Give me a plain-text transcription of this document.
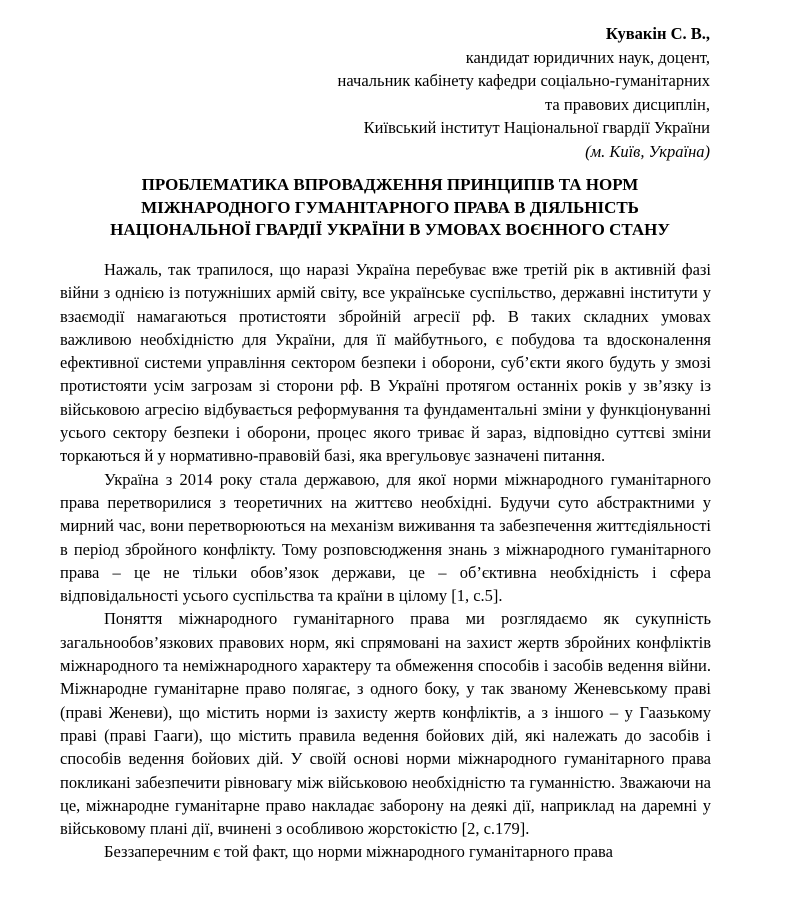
Кувакін С. В.,
кандидат юридичних наук, доцент,
начальник кабінету кафедри соціально-гуманітарних
та правових дисциплін,
Київський інститут Національної гвардії України
(м. Київ, Україна)
ПРОБЛЕМАТИКА ВПРОВАДЖЕННЯ ПРИНЦИПІВ ТА НОРМ
МІЖНАРОДНОГО ГУМАНІТАРНОГО ПРАВА В ДІЯЛЬНІСТЬ
НАЦІОНАЛЬНОЇ ГВАРДІЇ УКРАЇНИ В УМОВАХ ВОЄННОГО СТАНУ

Нажаль, так трапилося, що наразі Україна перебуває вже третій рік в активній фазі війни з однією із потужніших армій світу, все українське суспільство, державні інститути у взаємодії намагаються протистояти збройній агресії рф. В таких складних умовах важливою необхідністю для України, для її майбутнього, є побудова та вдосконалення ефективної системи управління сектором безпеки і оборони, суб’єкти якого будуть у змозі протистояти усім загрозам зі сторони рф. В Україні протягом останніх років у зв’язку із військовою агресію відбувається реформування та фундаментальні зміни у функціонуванні усього сектору безпеки і оборони, процес якого триває й зараз, відповідно суттєві зміни торкаються й у нормативно-правовій базі, яка врегульовує зазначені питання.

Україна з 2014 року стала державою, для якої норми міжнародного гуманітарного права перетворилися з теоретичних на життєво необхідні. Будучи суто абстрактними у мирний час, вони перетворюються на механізм виживання та забезпечення життєдіяльності в період збройного конфлікту. Тому розповсюдження знань з міжнародного гуманітарного права – це не тільки обов’язок держави, це – об’єктивна необхідність і сфера відповідальності усього суспільства та країни в цілому [1, с.5].

Поняття міжнародного гуманітарного права ми розглядаємо як сукупність загальнообов’язкових правових норм, які спрямовані на захист жертв збройних конфліктів міжнародного та неміжнародного характеру та обмеження способів і засобів ведення війни. Міжнародне гуманітарне право полягає, з одного боку, у так званому Женевському праві (праві Женеви), що містить норми із захисту жертв конфліктів, а з іншого – у Гаазькому праві (праві Гааги), що містить правила ведення бойових дій, які належать до засобів і способів ведення бойових дій. У своїй основі норми міжнародного гуманітарного права покликані забезпечити рівновагу між військовою необхідністю та гуманністю. Зважаючи на це, міжнародне гуманітарне право накладає заборону на деякі дії, наприклад на даремні у військовому плані дії, вчинені з особливою жорстокістю [2, с.179].

Беззаперечним є той факт, що норми міжнародного гуманітарного права
